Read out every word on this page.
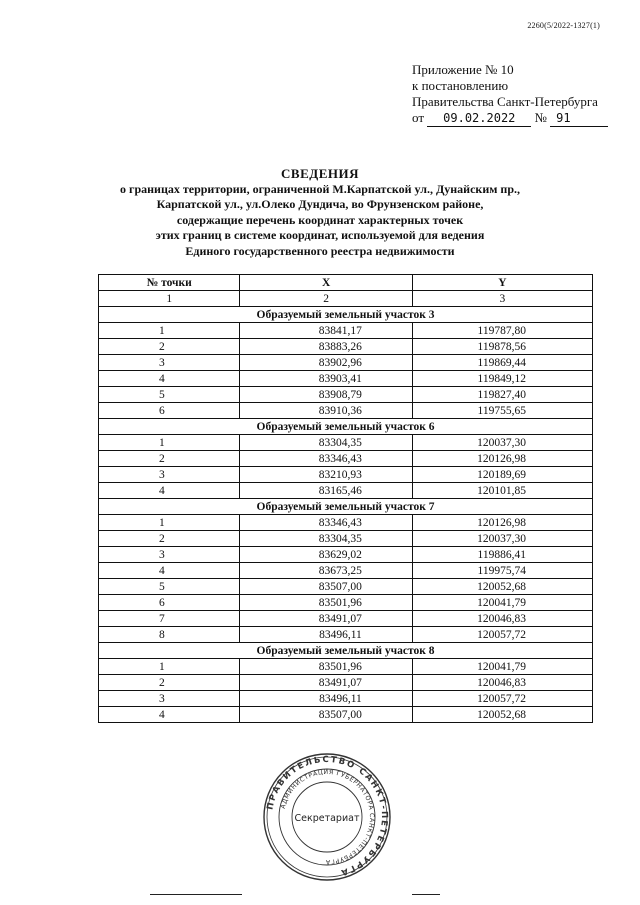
2260(5/2022-1327(1)
Приложение № 10
к постановлению
Правительства Санкт-Петербурга
от 09.02.2022 № 91
СВЕДЕНИЯ
о границах территории, ограниченной М.Карпатской ул., Дунайским пр.,
Карпатской ул., ул.Олеко Дундича, во Фрунзенском районе,
содержащие перечень координат характерных точек
этих границ в системе координат, используемой для ведения
Единого государственного реестра недвижимости
№ точки	X	Y
1	2	3
Образуемый земельный участок 3		
1	83841,17	119787,80
2	83883,26	119878,56
3	83902,96	119869,44
4	83903,41	119849,12
5	83908,79	119827,40
6	83910,36	119755,65
Образуемый земельный участок 6		
1	83304,35	120037,30
2	83346,43	120126,98
3	83210,93	120189,69
4	83165,46	120101,85
Образуемый земельный участок 7		
1	83346,43	120126,98
2	83304,35	120037,30
3	83629,02	119886,41
4	83673,25	119975,74
5	83507,00	120052,68
6	83501,96	120041,79
7	83491,07	120046,83
8	83496,11	120057,72
Образуемый земельный участок 8		
1	83501,96	120041,79
2	83491,07	120046,83
3	83496,11	120057,72
4	83507,00	120052,68
ПРАВИТЕЛЬСТВО САНКТ-ПЕТЕРБУРГА
АДМИНИСТРАЦИЯ ГУБЕРНАТОРА САНКТ-ПЕТЕРБУРГА
Секретариат
